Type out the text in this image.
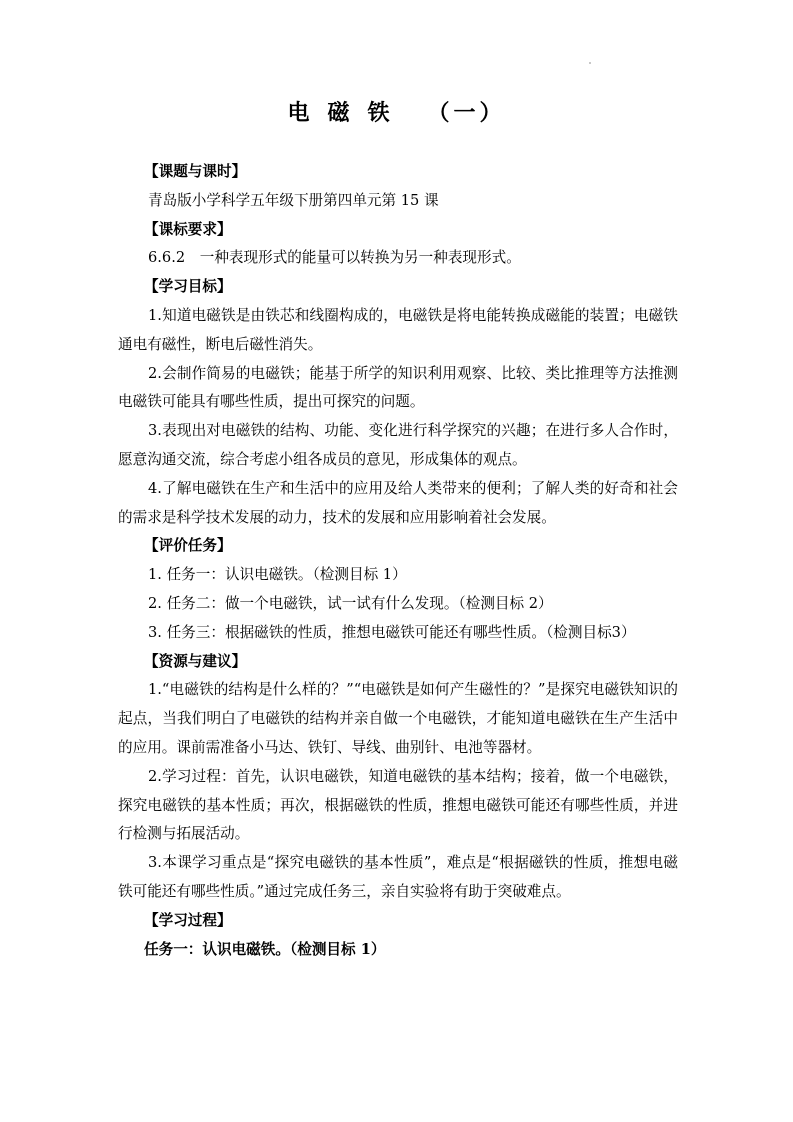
电磁铁 （一）
【课题与课时】
青岛版小学科学五年级下册第四单元第 15 课
【课标要求】
6.6.2　一种表现形式的能量可以转换为另一种表现形式。
【学习目标】

1.知道电磁铁是由铁芯和线圈构成的，电磁铁是将电能转换成磁能的装置；电磁铁通电有磁性，断电后磁性消失。

2.会制作简易的电磁铁；能基于所学的知识利用观察、比较、类比推理等方法推测电磁铁可能具有哪些性质，提出可探究的问题。

3.表现出对电磁铁的结构、功能、变化进行科学探究的兴趣；在进行多人合作时，愿意沟通交流，综合考虑小组各成员的意见，形成集体的观点。

4.了解电磁铁在生产和生活中的应用及给人类带来的便利；了解人类的好奇和社会的需求是科学技术发展的动力，技术的发展和应用影响着社会发展。

【评价任务】

1. 任务一：认识电磁铁。（检测目标 1）

2. 任务二：做一个电磁铁，试一试有什么发现。（检测目标 2）

3. 任务三：根据磁铁的性质，推想电磁铁可能还有哪些性质。（检测目标3）

【资源与建议】

1.“电磁铁的结构是什么样的？”“电磁铁是如何产生磁性的？”是探究电磁铁知识的起点，当我们明白了电磁铁的结构并亲自做一个电磁铁，才能知道电磁铁在生产生活中的应用。课前需准备小马达、铁钉、导线、曲别针、电池等器材。

2.学习过程：首先，认识电磁铁，知道电磁铁的基本结构；接着，做一个电磁铁，探究电磁铁的基本性质；再次，根据磁铁的性质，推想电磁铁可能还有哪些性质，并进行检测与拓展活动。

3.本课学习重点是“探究电磁铁的基本性质”，难点是“根据磁铁的性质，推想电磁铁可能还有哪些性质。”通过完成任务三，亲自实验将有助于突破难点。

【学习过程】
任务一：认识电磁铁。（检测目标 1）
